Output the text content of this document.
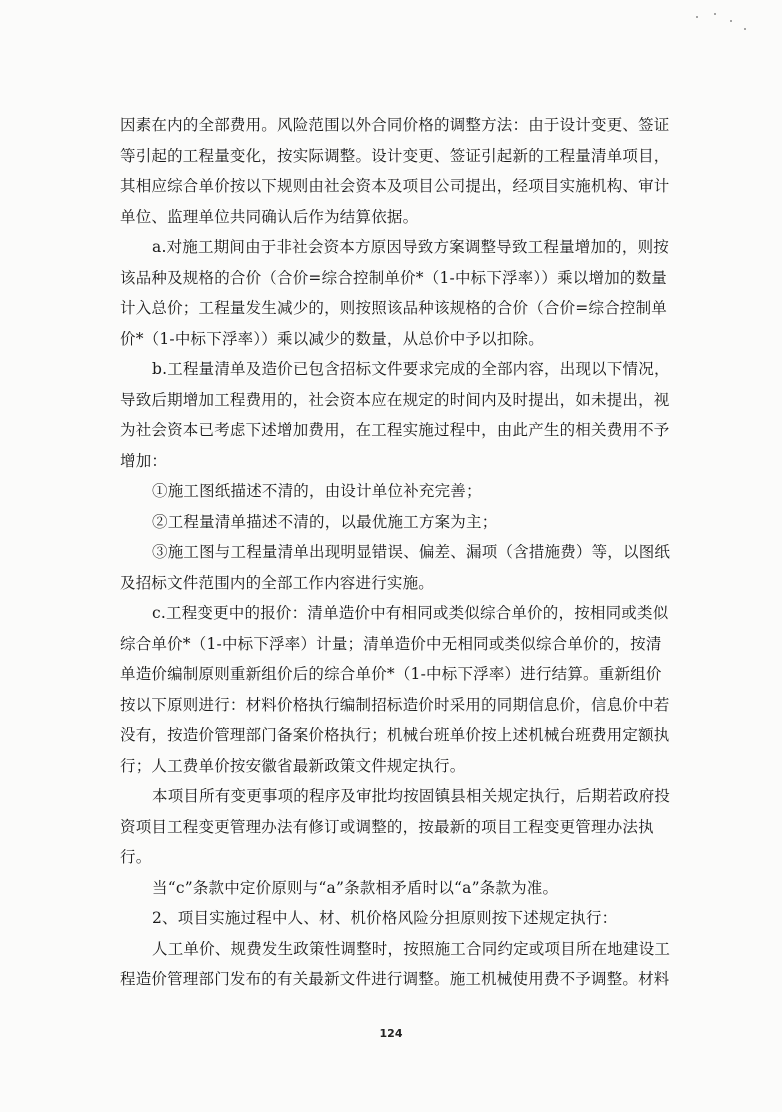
因素在内的全部费用。风险范围以外合同价格的调整方法：由于设计变更、签证
等引起的工程量变化，按实际调整。设计变更、签证引起新的工程量清单项目，
其相应综合单价按以下规则由社会资本及项目公司提出，经项目实施机构、审计
单位、监理单位共同确认后作为结算依据。
a.对施工期间由于非社会资本方原因导致方案调整导致工程量增加的，则按
该品种及规格的合价（合价=综合控制单价*（1-中标下浮率））乘以增加的数量
计入总价；工程量发生减少的，则按照该品种该规格的合价（合价=综合控制单
价*（1-中标下浮率））乘以减少的数量，从总价中予以扣除。
b.工程量清单及造价已包含招标文件要求完成的全部内容，出现以下情况，
导致后期增加工程费用的，社会资本应在规定的时间内及时提出，如未提出，视
为社会资本已考虑下述增加费用，在工程实施过程中，由此产生的相关费用不予
增加：
①施工图纸描述不清的，由设计单位补充完善；
②工程量清单描述不清的，以最优施工方案为主；
③施工图与工程量清单出现明显错误、偏差、漏项（含措施费）等，以图纸
及招标文件范围内的全部工作内容进行实施。
c.工程变更中的报价：清单造价中有相同或类似综合单价的，按相同或类似
综合单价*（1-中标下浮率）计量；清单造价中无相同或类似综合单价的，按清
单造价编制原则重新组价后的综合单价*（1-中标下浮率）进行结算。重新组价
按以下原则进行：材料价格执行编制招标造价时采用的同期信息价，信息价中若
没有，按造价管理部门备案价格执行；机械台班单价按上述机械台班费用定额执
行；人工费单价按安徽省最新政策文件规定执行。
本项目所有变更事项的程序及审批均按固镇县相关规定执行，后期若政府投
资项目工程变更管理办法有修订或调整的，按最新的项目工程变更管理办法执
行。
当“c”条款中定价原则与“a”条款相矛盾时以“a”条款为准。
2、项目实施过程中人、材、机价格风险分担原则按下述规定执行：
人工单价、规费发生政策性调整时，按照施工合同约定或项目所在地建设工
程造价管理部门发布的有关最新文件进行调整。施工机械使用费不予调整。材料
124
